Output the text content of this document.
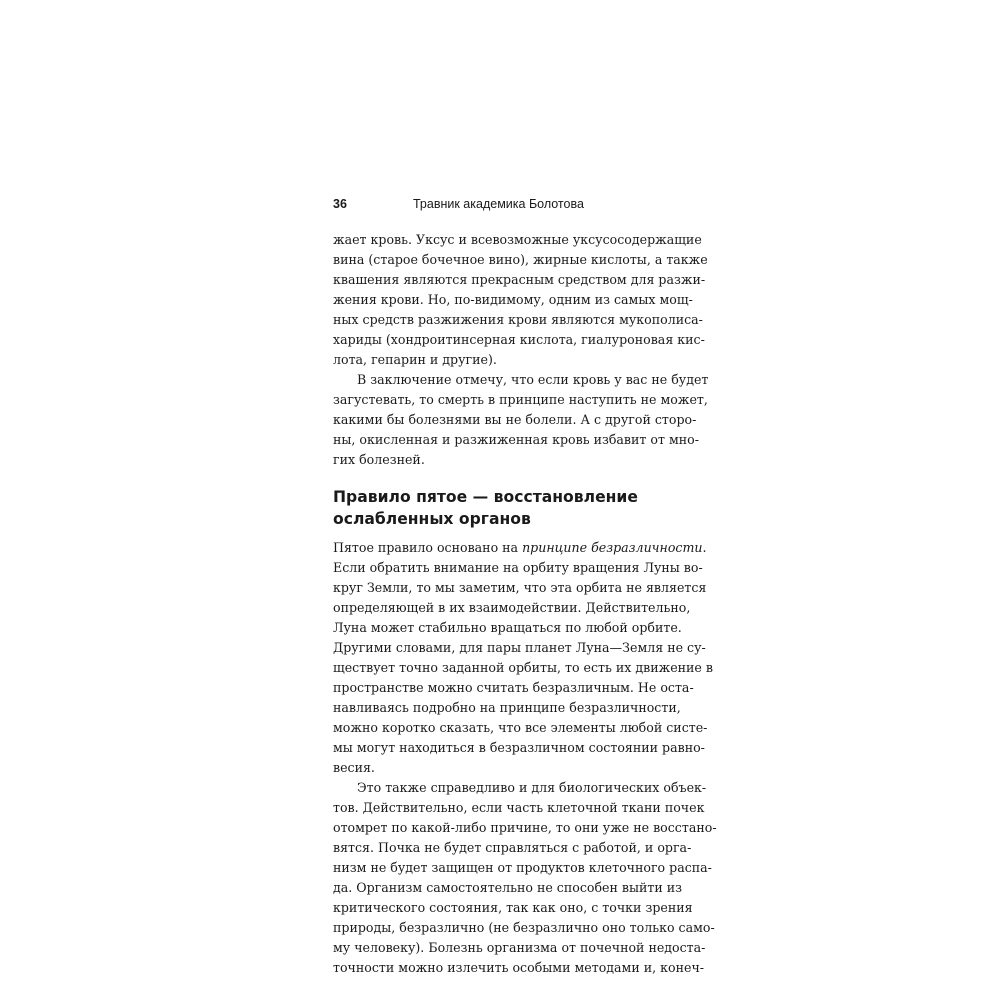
36	Травник академика Болотова

жает кровь. Уксус и всевозможные уксусосодержащие
вина (старое бочечное вино), жирные кислоты, а также
квашения являются прекрасным средством для разжи-
жения крови. Но, по-видимому, одним из самых мощ-
ных средств разжижения крови являются мукополиса-
хариды (хондроитинсерная кислота, гиалуроновая кис-
лота, гепарин и другие).

В заключение отмечу, что если кровь у вас не будет
загустевать, то смерть в принципе наступить не может,
какими бы болезнями вы не болели. А с другой сторо-
ны, окисленная и разжиженная кровь избавит от мно-
гих болезней.

Правило пятое — восстановление
ослабленных органов

Пятое правило основано на принципе безразличности.
Если обратить внимание на орбиту вращения Луны во-
круг Земли, то мы заметим, что эта орбита не является
определяющей в их взаимодействии. Действительно,
Луна может стабильно вращаться по любой орбите.
Другими словами, для пары планет Луна—Земля не су-
ществует точно заданной орбиты, то есть их движение в
пространстве можно считать безразличным. Не оста-
навливаясь подробно на принципе безразличности,
можно коротко сказать, что все элементы любой систе-
мы могут находиться в безразличном состоянии равно-
весия.

Это также справедливо и для биологических объек-
тов. Действительно, если часть клеточной ткани почек
отомрет по какой-либо причине, то они уже не восстано-
вятся. Почка не будет справляться с работой, и орга-
низм не будет защищен от продуктов клеточного распа-
да. Организм самостоятельно не способен выйти из
критического состояния, так как оно, с точки зрения
природы, безразлично (не безразлично оно только само-
му человеку). Болезнь организма от почечной недоста-
точности можно излечить особыми методами и, конеч-
